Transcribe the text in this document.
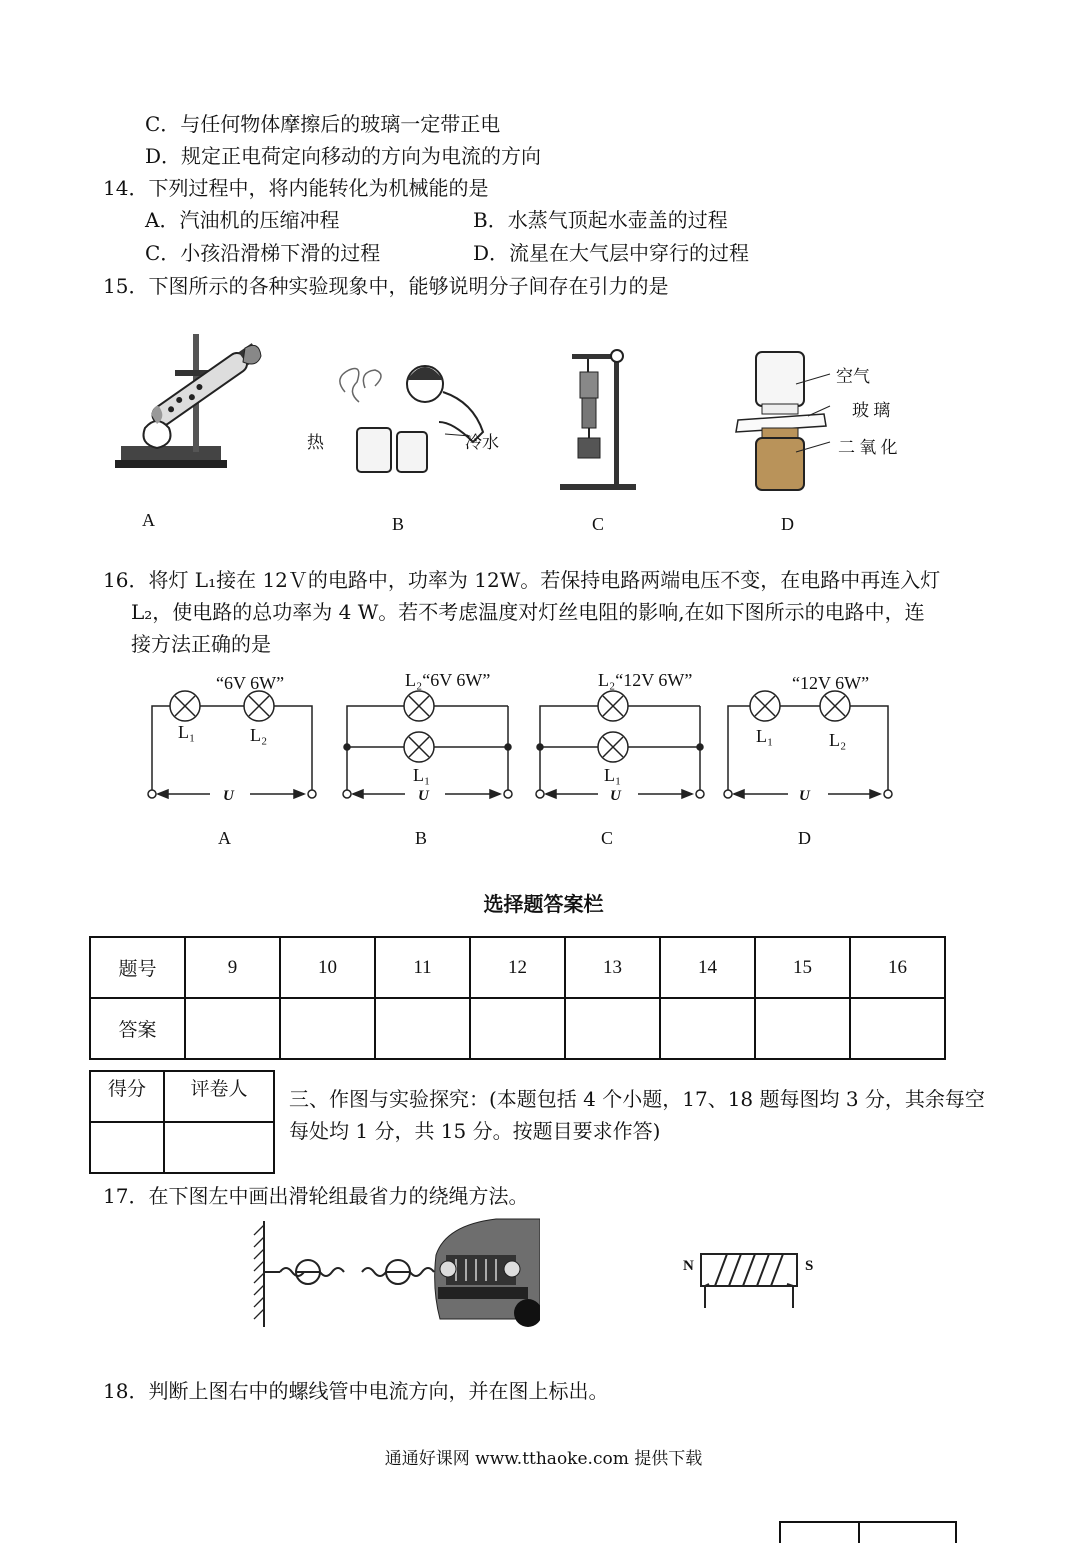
C．与任何物体摩擦后的玻璃一定带正电
D．规定正电荷定向移动的方向为电流的方向
14．下列过程中，将内能转化为机械能的是
A．汽油机的压缩冲程	B．水蒸气顶起水壶盖的过程
C．小孩沿滑梯下滑的过程	D．流星在大气层中穿行的过程
15．下图所示的各种实验现象中，能够说明分子间存在引力的是
A
热	冷水
B	C
空气
玻 璃
二 氧 化
D
16．将灯 L₁接在 12Ｖ的电路中，功率为 12W。若保持电路两端电压不变，在电路中再连入灯
L₂，使电路的总功率为 4 W。若不考虑温度对灯丝电阻的影响,在如下图所示的电路中，连
接方法正确的是
“6V 6W”
L₁	L₂
U
A
L₂“6V 6W”
L₁
U
B
L₂“12V 6W”
L₁
U
C
“12V 6W”
L₁	L₂
U
D
选择题答案栏
题号	9	10	11	12	13	14	15	16
答案								
得分	评卷人
	三、作图与实验探究：(本题包括 4 个小题，17、18 题每图均 3 分，其余每空每处均 1 分，共 15 分。按题目要求作答)
17．在下图左中画出滑轮组最省力的绕绳方法。
N	S
18．判断上图右中的螺线管中电流方向，并在图上标出。
通通好课网 www.tthaoke.com 提供下载
